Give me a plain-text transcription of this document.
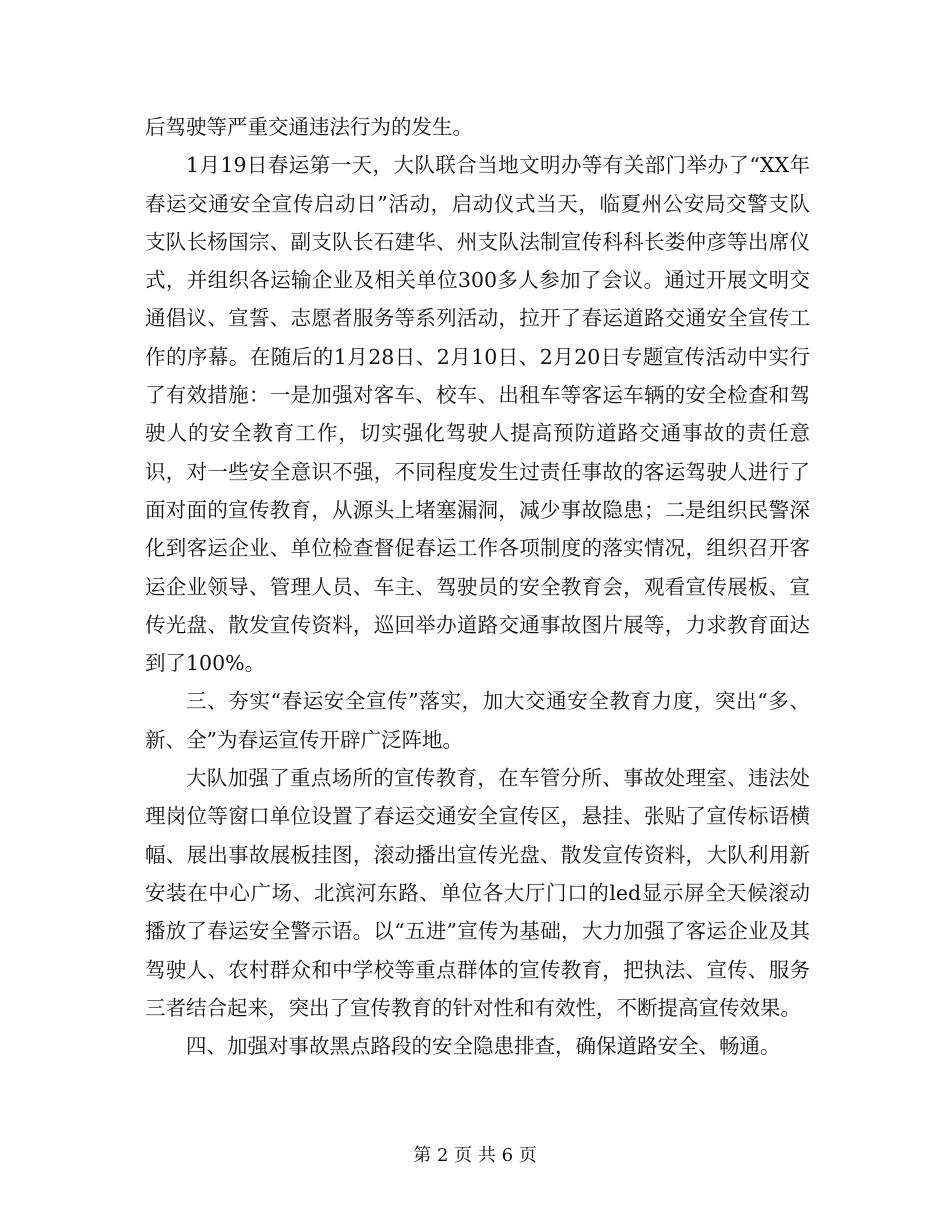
后驾驶等严重交通违法行为的发生。

1月19日春运第一天，大队联合当地文明办等有关部门举办了“XX年春运交通安全宣传启动日”活动，启动仪式当天，临夏州公安局交警支队支队长杨国宗、副支队长石建华、州支队法制宣传科科长娄仲彦等出席仪式，并组织各运输企业及相关单位300多人参加了会议。通过开展文明交通倡议、宣誓、志愿者服务等系列活动，拉开了春运道路交通安全宣传工作的序幕。在随后的1月28日、2月10日、2月20日专题宣传活动中实行了有效措施：一是加强对客车、校车、出租车等客运车辆的安全检查和驾驶人的安全教育工作，切实强化驾驶人提高预防道路交通事故的责任意识，对一些安全意识不强，不同程度发生过责任事故的客运驾驶人进行了面对面的宣传教育，从源头上堵塞漏洞，减少事故隐患；二是组织民警深化到客运企业、单位检查督促春运工作各项制度的落实情况，组织召开客运企业领导、管理人员、车主、驾驶员的安全教育会，观看宣传展板、宣传光盘、散发宣传资料，巡回举办道路交通事故图片展等，力求教育面达到了100%。

三、夯实“春运安全宣传”落实，加大交通安全教育力度，突出“多、新、全”为春运宣传开辟广泛阵地。

大队加强了重点场所的宣传教育，在车管分所、事故处理室、违法处理岗位等窗口单位设置了春运交通安全宣传区，悬挂、张贴了宣传标语横幅、展出事故展板挂图，滚动播出宣传光盘、散发宣传资料，大队利用新安装在中心广场、北滨河东路、单位各大厅门口的led显示屏全天候滚动播放了春运安全警示语。以“五进”宣传为基础，大力加强了客运企业及其驾驶人、农村群众和中学校等重点群体的宣传教育，把执法、宣传、服务三者结合起来，突出了宣传教育的针对性和有效性，不断提高宣传效果。

四、加强对事故黑点路段的安全隐患排查，确保道路安全、畅通。

第 2 页 共 6 页
